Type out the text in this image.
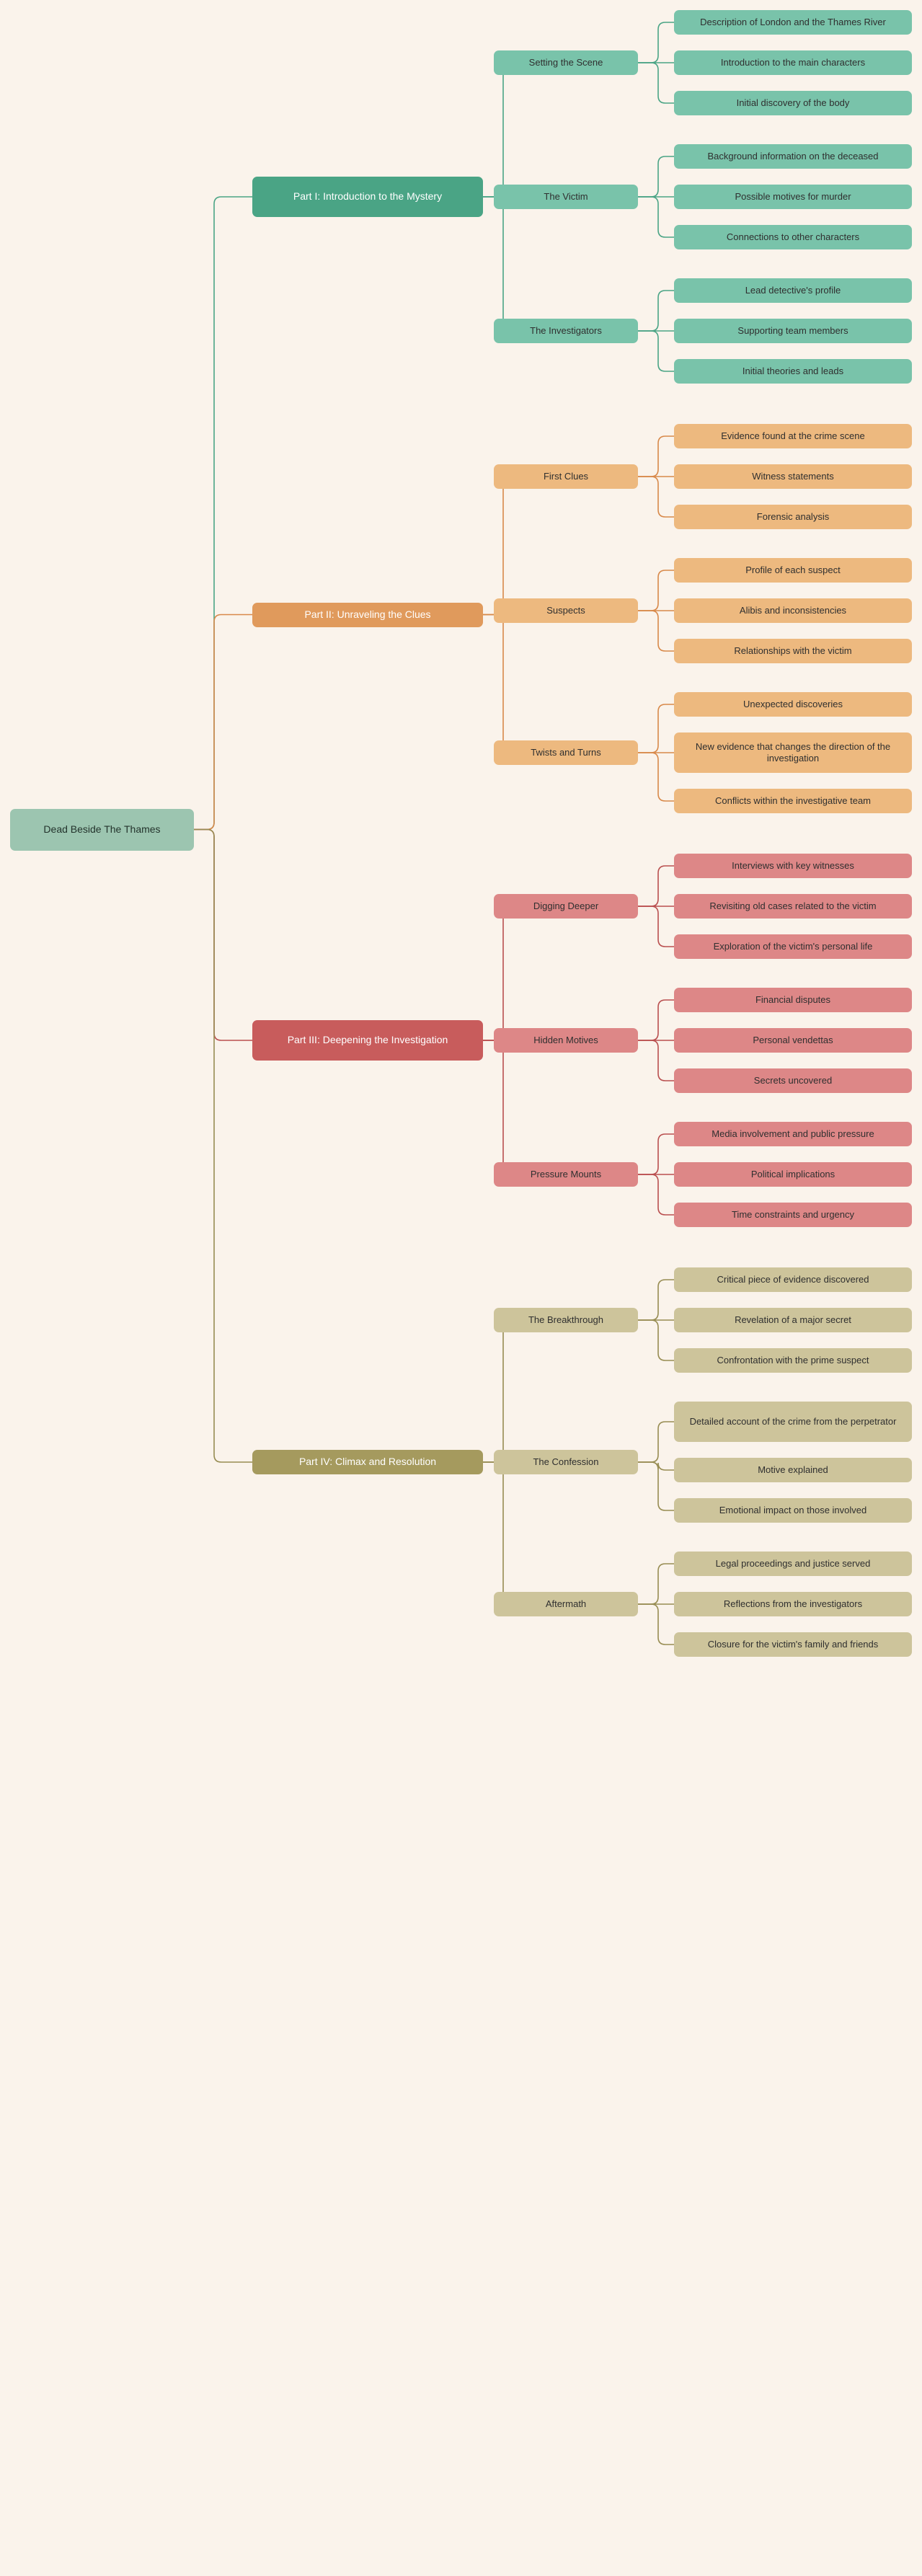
Dead Beside The Thames
Part I: Introduction to the Mystery
Setting the Scene
Description of London and the Thames River
Introduction to the main characters
Initial discovery of the body
The Victim
Background information on the deceased
Possible motives for murder
Connections to other characters
The Investigators
Lead detective's profile
Supporting team members
Initial theories and leads
Part II: Unraveling the Clues
First Clues
Evidence found at the crime scene
Witness statements
Forensic analysis
Suspects
Profile of each suspect
Alibis and inconsistencies
Relationships with the victim
Twists and Turns
Unexpected discoveries
New evidence that changes the direction of the investigation
Conflicts within the investigative team
Part III: Deepening the Investigation
Digging Deeper
Interviews with key witnesses
Revisiting old cases related to the victim
Exploration of the victim's personal life
Hidden Motives
Financial disputes
Personal vendettas
Secrets uncovered
Pressure Mounts
Media involvement and public pressure
Political implications
Time constraints and urgency
Part IV: Climax and Resolution
The Breakthrough
Critical piece of evidence discovered
Revelation of a major secret
Confrontation with the prime suspect
The Confession
Detailed account of the crime from the perpetrator
Motive explained
Emotional impact on those involved
Aftermath
Legal proceedings and justice served
Reflections from the investigators
Closure for the victim's family and friends
